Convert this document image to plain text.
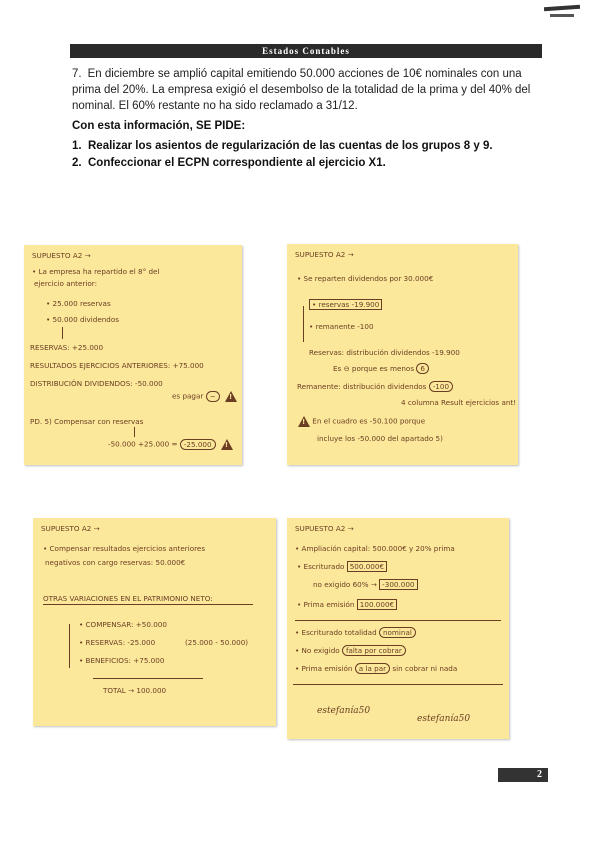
Estados Contables
7. En diciembre se amplió capital emitiendo 50.000 acciones de 10€ nominales con una prima del 20%. La empresa exigió el desembolso de la totalidad de la prima y del 40% del nominal. El 60% restante no ha sido reclamado a 31/12.
Con esta información, SE PIDE:
1. Realizar los asientos de regularización de las cuentas de los grupos 8 y 9.
2. Confeccionar el ECPN correspondiente al ejercicio X1.
SUPUESTO A2 →
• La empresa ha repartido el 8° del
ejercicio anterior:
• 25.000 reservas
• 50.000 dividendos
RESERVAS: +25.000
RESULTADOS EJERCICIOS ANTERIORES: +75.000
DISTRIBUCIÓN DIVIDENDOS: -50.000
es pagar − !
PD. 5) Compensar con reservas
-50.000 +25.000 = -25.000 !
SUPUESTO A2 →
• Se reparten dividendos por 30.000€
• reservas -19.900
• remanente -100
Reservas: distribución dividendos -19.900
Es ⊖ porque es menos 6
Remanente: distribución dividendos -100
4 columna Result ejercicios ant!
! En el cuadro es -50.100 porque
incluye los -50.000 del apartado 5)
SUPUESTO A2 →
• Compensar resultados ejercicios anteriores
negativos con cargo reservas: 50.000€
OTRAS VARIACIONES EN EL PATRIMONIO NETO:
• COMPENSAR: +50.000
• RESERVAS: -25.000	(25.000 - 50.000)
• BENEFICIOS: +75.000
TOTAL → 100.000
SUPUESTO A2 →
• Ampliación capital: 500.000€ y 20% prima
• Escriturado 500.000€
no exigido 60% → -300.000
• Prima emisión 100.000€
• Escriturado totalidad nominal
• No exigido falta por cobrar
• Prima emisión a la par sin cobrar ni nada
estefanía50
estefanía50
2
